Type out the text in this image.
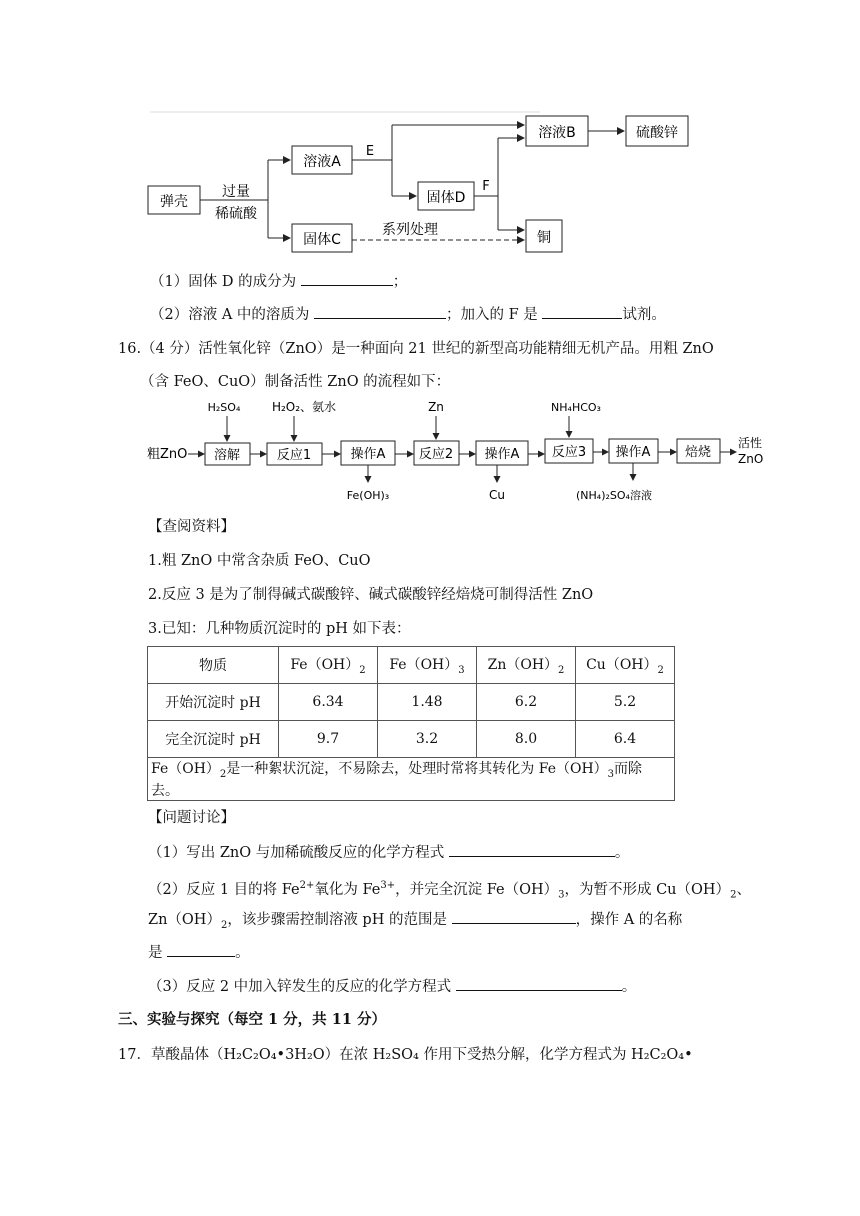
弹壳
溶液A
固体C
固体D
溶液B	硫酸锌
铜
过量
稀硫酸
E
F
系列处理
（1）固体 D 的成分为	；
（2）溶液 A 中的溶质为	；加入的 F 是	试剂。
16.（4 分）活性氧化锌（ZnO）是一种面向 21 世纪的新型高功能精细无机产品。用粗 ZnO
（含 FeO、CuO）制备活性 ZnO 的流程如下：
粗ZnO 溶解
H₂SO₄
反应1
H₂O₂、氨水
操作A
Fe(OH)₃
反应2
Zn
操作A
Cu
反应3
NH₄HCO₃
操作A
(NH₄)₂SO₄溶液
焙烧
活性
ZnO
【查阅资料】
1.粗 ZnO 中常含杂质 FeO、CuO
2.反应 3 是为了制得碱式碳酸锌、碱式碳酸锌经焙烧可制得活性 ZnO
3.已知：几种物质沉淀时的 pH 如下表：
物质	$Fe(OH)_2$	$Fe(OH)_3$	$Zn(OH)_2$	$Cu(OH)_2$
开始沉淀时 pH	6.34	1.48	6.2	5.2
完全沉淀时 pH	9.7	3.2	8.0	6.4
$Fe(OH)_2$是一种絮状沉淀，不易除去，处理时常将其转化为 $Fe(OH)_3$而除去。				
【问题讨论】
（1）写出 ZnO 与加稀硫酸反应的化学方程式	。
（2）反应 1 目的将 $Fe^{2+}$氧化为 $Fe^{3+}$，并完全沉淀 $Fe(OH)_3$，为暂不形成 $Cu(OH)_2$、
$Zn(OH)_2$，该步骤需控制溶液 pH 的范围是	，操作 A 的名称
是	。
（3）反应 2 中加入锌发生的反应的化学方程式	。
三、实验与探究（每空 1 分，共 11 分）
17．草酸晶体（H₂C₂O₄•3H₂O）在浓 H₂SO₄ 作用下受热分解，化学方程式为 H₂C₂O₄•
